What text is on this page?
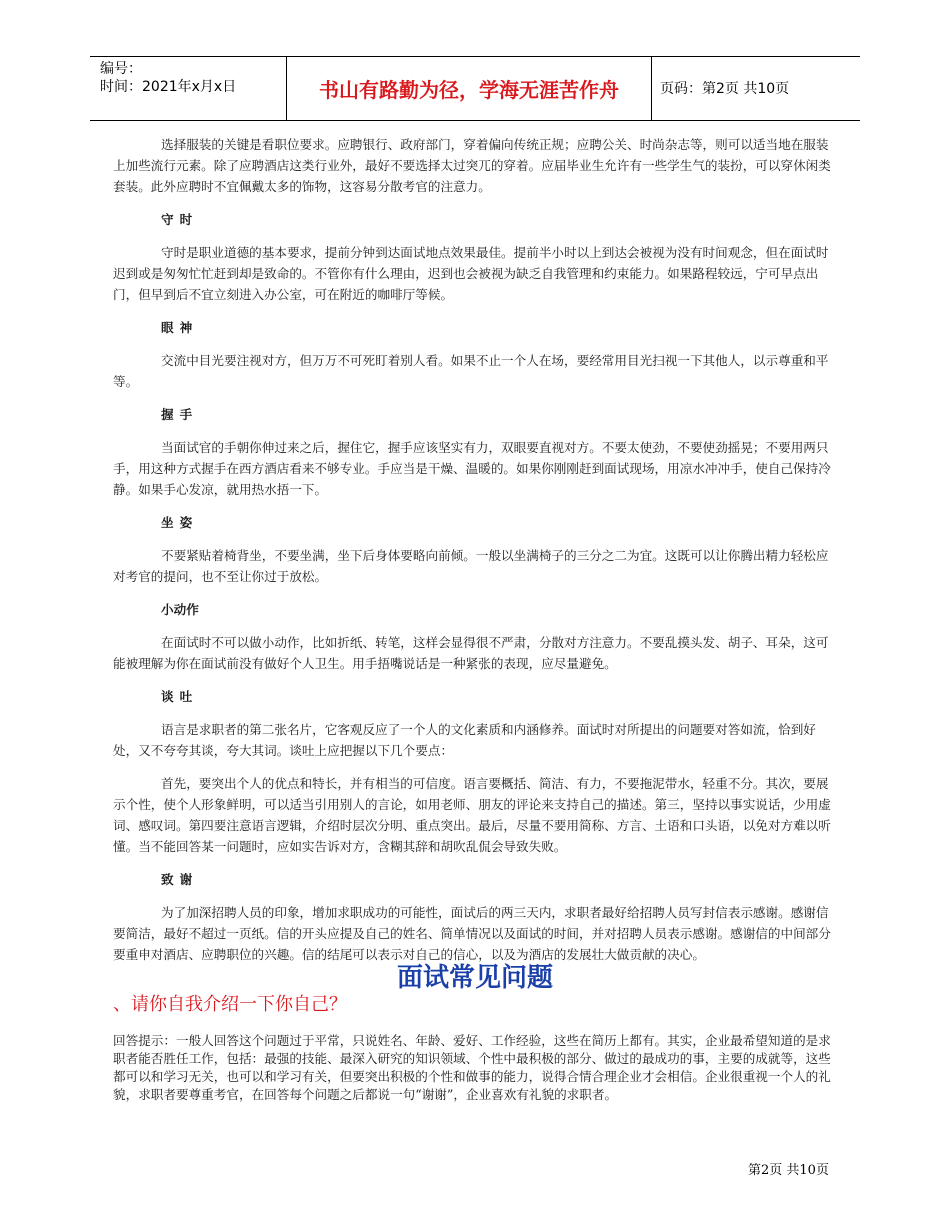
编号：
时间：2021年x月x日	书山有路勤为径，学海无涯苦作舟	页码：第2页 共10页

选择服装的关键是看职位要求。应聘银行、政府部门，穿着偏向传统正规；应聘公关、时尚杂志等，则可以适当地在服装上加些流行元素。除了应聘酒店这类行业外，最好不要选择太过突兀的穿着。应届毕业生允许有一些学生气的装扮，可以穿休闲类套装。此外应聘时不宜佩戴太多的饰物，这容易分散考官的注意力。

守时

守时是职业道德的基本要求，提前分钟到达面试地点效果最佳。提前半小时以上到达会被视为没有时间观念，但在面试时迟到或是匆匆忙忙赶到却是致命的。不管你有什么理由，迟到也会被视为缺乏自我管理和约束能力。如果路程较远，宁可早点出门，但早到后不宜立刻进入办公室，可在附近的咖啡厅等候。

眼神

交流中目光要注视对方，但万万不可死盯着别人看。如果不止一个人在场，要经常用目光扫视一下其他人，以示尊重和平等。

握手

当面试官的手朝你伸过来之后，握住它，握手应该坚实有力，双眼要直视对方。不要太使劲，不要使劲摇晃；不要用两只手，用这种方式握手在西方酒店看来不够专业。手应当是干燥、温暖的。如果你刚刚赶到面试现场，用凉水冲冲手，使自己保持冷静。如果手心发凉，就用热水捂一下。

坐姿

不要紧贴着椅背坐，不要坐满，坐下后身体要略向前倾。一般以坐满椅子的三分之二为宜。这既可以让你腾出精力轻松应对考官的提问，也不至让你过于放松。

小动作

在面试时不可以做小动作，比如折纸、转笔，这样会显得很不严肃，分散对方注意力。不要乱摸头发、胡子、耳朵，这可能被理解为你在面试前没有做好个人卫生。用手捂嘴说话是一种紧张的表现，应尽量避免。

谈吐

语言是求职者的第二张名片，它客观反应了一个人的文化素质和内涵修养。面试时对所提出的问题要对答如流，恰到好处，又不夸夸其谈，夸大其词。谈吐上应把握以下几个要点：

首先，要突出个人的优点和特长，并有相当的可信度。语言要概括、简洁、有力，不要拖泥带水，轻重不分。其次，要展示个性，使个人形象鲜明，可以适当引用别人的言论，如用老师、朋友的评论来支持自己的描述。第三，坚持以事实说话，少用虚词、感叹词。第四要注意语言逻辑，介绍时层次分明、重点突出。最后，尽量不要用简称、方言、土语和口头语，以免对方难以听懂。当不能回答某一问题时，应如实告诉对方，含糊其辞和胡吹乱侃会导致失败。

致谢

为了加深招聘人员的印象，增加求职成功的可能性，面试后的两三天内，求职者最好给招聘人员写封信表示感谢。感谢信要简洁，最好不超过一页纸。信的开头应提及自己的姓名、简单情况以及面试的时间，并对招聘人员表示感谢。感谢信的中间部分要重申对酒店、应聘职位的兴趣。信的结尾可以表示对自己的信心，以及为酒店的发展壮大做贡献的决心。

面试常见问题
、请你自我介绍一下你自己？

回答提示：一般人回答这个问题过于平常，只说姓名、年龄、爱好、工作经验，这些在简历上都有。其实，企业最希望知道的是求职者能否胜任工作，包括：最强的技能、最深入研究的知识领域、个性中最积极的部分、做过的最成功的事，主要的成就等，这些都可以和学习无关，也可以和学习有关，但要突出积极的个性和做事的能力，说得合情合理企业才会相信。企业很重视一个人的礼貌，求职者要尊重考官，在回答每个问题之后都说一句“谢谢”，企业喜欢有礼貌的求职者。

第2页 共10页
